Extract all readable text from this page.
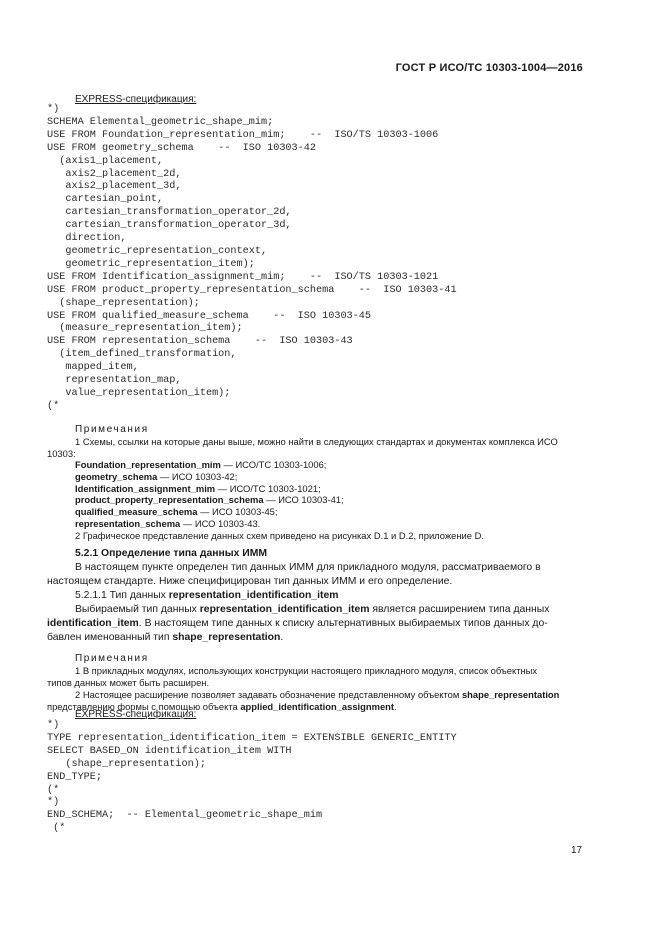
ГОСТ Р ИСО/ТС 10303-1004—2016
EXPRESS-спецификация:
*)
SCHEMA Elemental_geometric_shape_mim;
USE FROM Foundation_representation_mim;    --  ISO/TS 10303-1006
USE FROM geometry_schema    --  ISO 10303-42
(axis1_placement,
axis2_placement_2d,
axis2_placement_3d,
cartesian_point,
cartesian_transformation_operator_2d,
cartesian_transformation_operator_3d,
direction,
geometric_representation_context,
geometric_representation_item);
USE FROM Identification_assignment_mim;    --  ISO/TS 10303-1021
USE FROM product_property_representation_schema    --  ISO 10303-41
(shape_representation);
USE FROM qualified_measure_schema    --  ISO 10303-45
(measure_representation_item);
USE FROM representation_schema    --  ISO 10303-43
(item_defined_transformation,
mapped_item,
representation_map,
value_representation_item);
(*
Примечания
1 Схемы, ссылки на которые даны выше, можно найти в следующих стандартах и документах комплекса ИСО
10303:
Foundation_representation_mim — ИСО/ТС 10303-1006;
geometry_schema — ИСО 10303-42;
Identification_assignment_mim — ИСО/ТС 10303-1021;
product_property_representation_schema — ИСО 10303-41;
qualified_measure_schema — ИСО 10303-45;
representation_schema — ИСО 10303-43.
2 Графическое представление данных схем приведено на рисунках D.1 и D.2, приложение D.
5.2.1 Определение типа данных ИММ
В настоящем пункте определен тип данных ИММ для прикладного модуля, рассматриваемого в
настоящем стандарте. Ниже специфицирован тип данных ИММ и его определение.
5.2.1.1 Тип данных representation_identification_item
Выбираемый тип данных representation_identification_item является расширением типа данных
identification_item. В настоящем типе данных к списку альтернативных выбираемых типов данных до-
бавлен именованный тип shape_representation.
Примечания
1 В прикладных модулях, использующих конструкции настоящего прикладного модуля, список объектных
типов данных может быть расширен.
2 Настоящее расширение позволяет задавать обозначение представленному объектом shape_representation
представлению формы с помощью объекта applied_identification_assignment.
EXPRESS-спецификация:
*)
TYPE representation_identification_item = EXTENSIBLE GENERIC_ENTITY
SELECT BASED_ON identification_item WITH
(shape_representation);
END_TYPE;
(*
*)
END_SCHEMA;  -- Elemental_geometric_shape_mim
(*
17
